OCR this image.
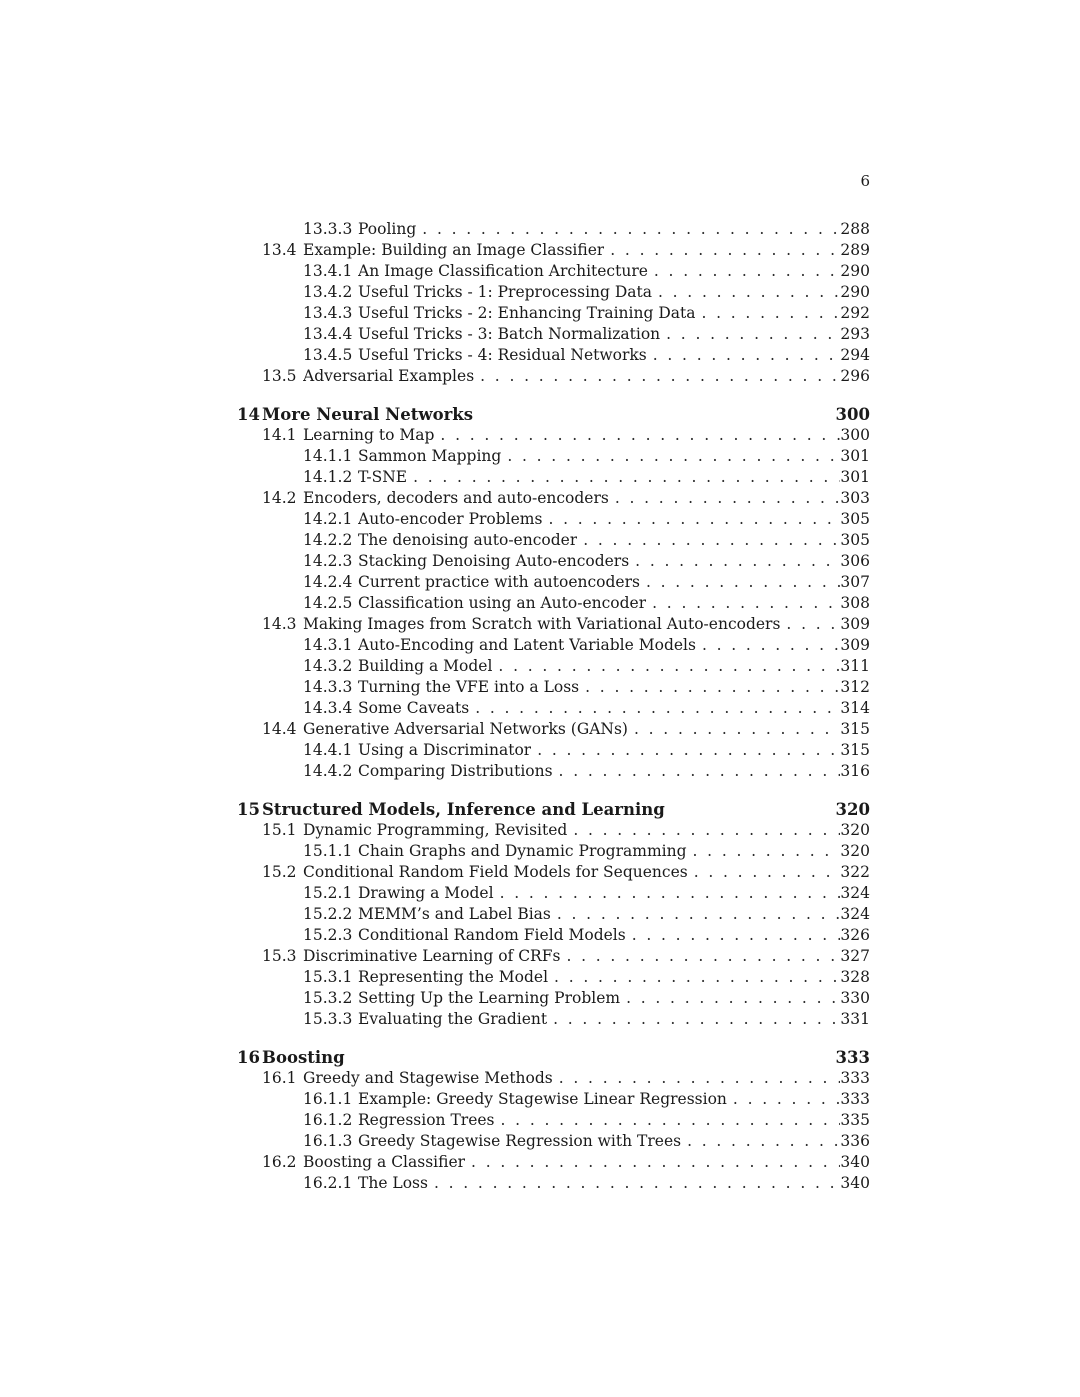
6
13.3.3 Pooling . . .	288
13.4 Example: Building an Image Classifier . . .	289
13.4.1 An Image Classification Architecture . . .	290
13.4.2 Useful Tricks - 1: Preprocessing Data . . .	290
13.4.3 Useful Tricks - 2: Enhancing Training Data . . .	292
13.4.4 Useful Tricks - 3: Batch Normalization . . .	293
13.4.5 Useful Tricks - 4: Residual Networks . . .	294
13.5 Adversarial Examples . . .	296
14 More Neural Networks	300
14.1 Learning to Map . . .	300
14.1.1 Sammon Mapping . . .	301
14.1.2 T-SNE . . .	301
14.2 Encoders, decoders and auto-encoders . . .	303
14.2.1 Auto-encoder Problems . . .	305
14.2.2 The denoising auto-encoder . . .	305
14.2.3 Stacking Denoising Auto-encoders . . .	306
14.2.4 Current practice with autoencoders . . .	307
14.2.5 Classification using an Auto-encoder . . .	308
14.3 Making Images from Scratch with Variational Auto-encoders . . .	309
14.3.1 Auto-Encoding and Latent Variable Models . . .	309
14.3.2 Building a Model . . .	311
14.3.3 Turning the VFE into a Loss . . .	312
14.3.4 Some Caveats . . .	314
14.4 Generative Adversarial Networks (GANs) . . .	315
14.4.1 Using a Discriminator . . .	315
14.4.2 Comparing Distributions . . .	316
15 Structured Models, Inference and Learning	320
15.1 Dynamic Programming, Revisited . . .	320
15.1.1 Chain Graphs and Dynamic Programming . . .	320
15.2 Conditional Random Field Models for Sequences . . .	322
15.2.1 Drawing a Model . . .	324
15.2.2 MEMM’s and Label Bias . . .	324
15.2.3 Conditional Random Field Models . . .	326
15.3 Discriminative Learning of CRFs . . .	327
15.3.1 Representing the Model . . .	328
15.3.2 Setting Up the Learning Problem . . .	330
15.3.3 Evaluating the Gradient . . .	331
16 Boosting	333
16.1 Greedy and Stagewise Methods . . .	333
16.1.1 Example: Greedy Stagewise Linear Regression . . .	333
16.1.2 Regression Trees . . .	335
16.1.3 Greedy Stagewise Regression with Trees . . .	336
16.2 Boosting a Classifier . . .	340
16.2.1 The Loss . . .	340
